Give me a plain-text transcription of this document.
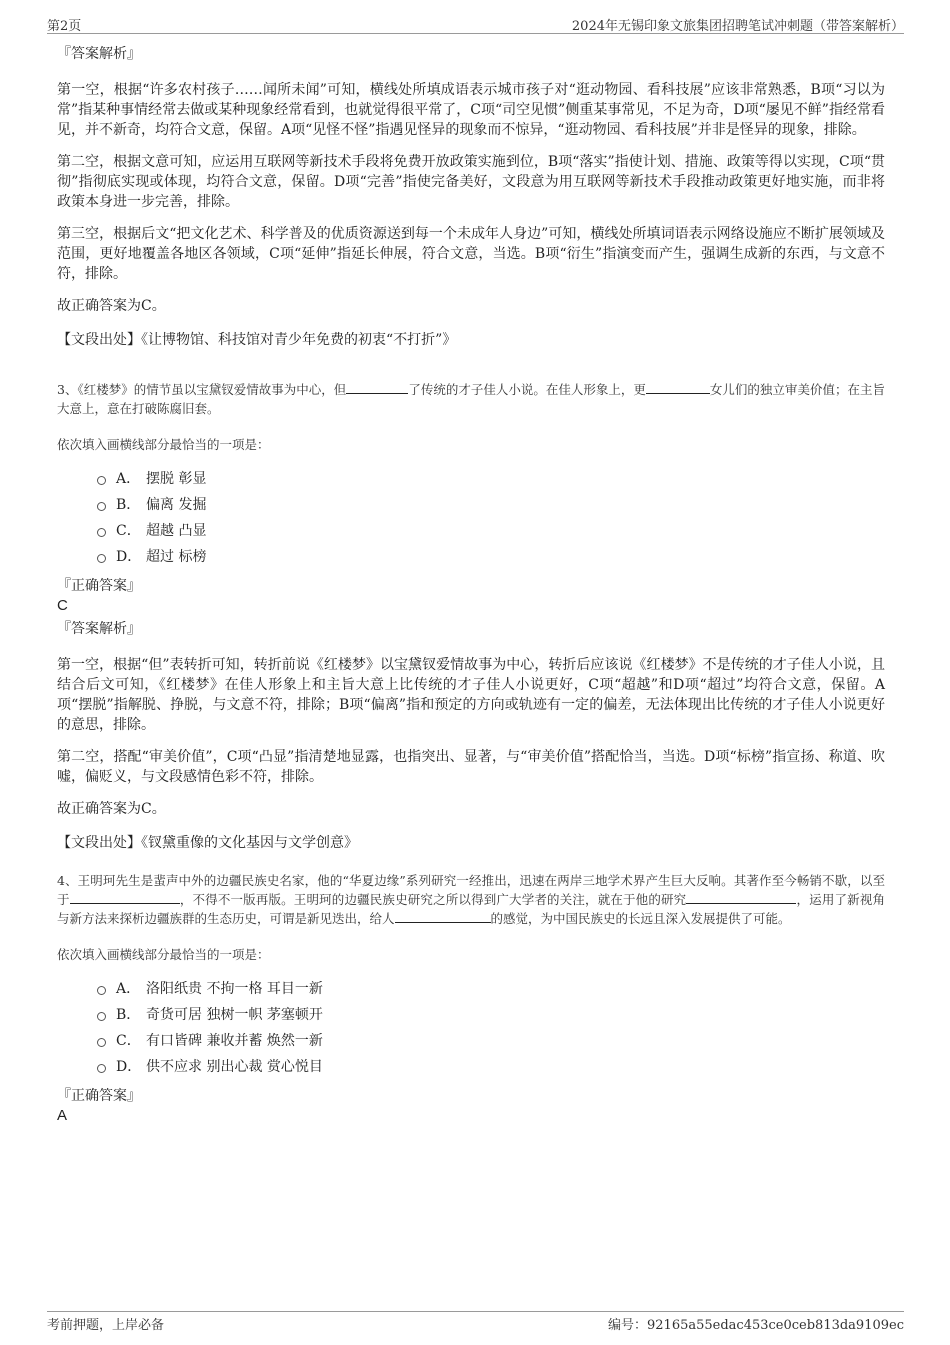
第2页	2024年无锡印象文旅集团招聘笔试冲刺题（带答案解析）

『答案解析』

第一空，根据“许多农村孩子……闻所未闻”可知，横线处所填成语表示城市孩子对“逛动物园、看科技展”应该非常熟悉，B项“习以为常”指某种事情经常去做或某种现象经常看到，也就觉得很平常了，C项“司空见惯”侧重某事常见，不足为奇，D项“屡见不鲜”指经常看见，并不新奇，均符合文意，保留。A项“见怪不怪”指遇见怪异的现象而不惊异，“逛动物园、看科技展”并非是怪异的现象，排除。

第二空，根据文意可知，应运用互联网等新技术手段将免费开放政策实施到位，B项“落实”指使计划、措施、政策等得以实现，C项“贯彻”指彻底实现或体现，均符合文意，保留。D项“完善”指使完备美好，文段意为用互联网等新技术手段推动政策更好地实施，而非将政策本身进一步完善，排除。

第三空，根据后文“把文化艺术、科学普及的优质资源送到每一个未成年人身边”可知，横线处所填词语表示网络设施应不断扩展领域及范围，更好地覆盖各地区各领域，C项“延伸”指延长伸展，符合文意，当选。B项“衍生”指演变而产生，强调生成新的东西，与文意不符，排除。

故正确答案为C。

【文段出处】《让博物馆、科技馆对青少年免费的初衷“不打折”》

3、《红楼梦》的情节虽以宝黛钗爱情故事为中心，但	了传统的才子佳人小说。在佳人形象上，更	女儿们的独立审美价值；在主旨大意上，意在打破陈腐旧套。

依次填入画横线部分最恰当的一项是：

A． 摆脱 彰显
B． 偏离 发掘
C． 超越 凸显
D． 超过 标榜

『正确答案』

C

『答案解析』

第一空，根据“但”表转折可知，转折前说《红楼梦》以宝黛钗爱情故事为中心，转折后应该说《红楼梦》不是传统的才子佳人小说，且结合后文可知，《红楼梦》在佳人形象上和主旨大意上比传统的才子佳人小说更好，C项“超越”和D项“超过”均符合文意，保留。A项“摆脱”指解脱、挣脱，与文意不符，排除；B项“偏离”指和预定的方向或轨迹有一定的偏差，无法体现出比传统的才子佳人小说更好的意思，排除。

第二空，搭配“审美价值”，C项“凸显”指清楚地显露，也指突出、显著，与“审美价值”搭配恰当，当选。D项“标榜”指宣扬、称道、吹嘘，偏贬义，与文段感情色彩不符，排除。

故正确答案为C。

【文段出处】《钗黛重像的文化基因与文学创意》

4、王明珂先生是蜚声中外的边疆民族史名家，他的“华夏边缘”系列研究一经推出，迅速在两岸三地学术界产生巨大反响。其著作至今畅销不歇，以至于	，不得不一版再版。王明珂的边疆民族史研究之所以得到广大学者的关注，就在于他的研究	，运用了新视角与新方法来探析边疆族群的生态历史，可谓是新见迭出，给人	的感觉，为中国民族史的长远且深入发展提供了可能。

依次填入画横线部分最恰当的一项是：

A． 洛阳纸贵 不拘一格 耳目一新
B． 奇货可居 独树一帜 茅塞顿开
C． 有口皆碑 兼收并蓄 焕然一新
D． 供不应求 别出心裁 赏心悦目

『正确答案』

A

考前押题，上岸必备	编号：92165a55edac453ce0ceb813da9109ec
